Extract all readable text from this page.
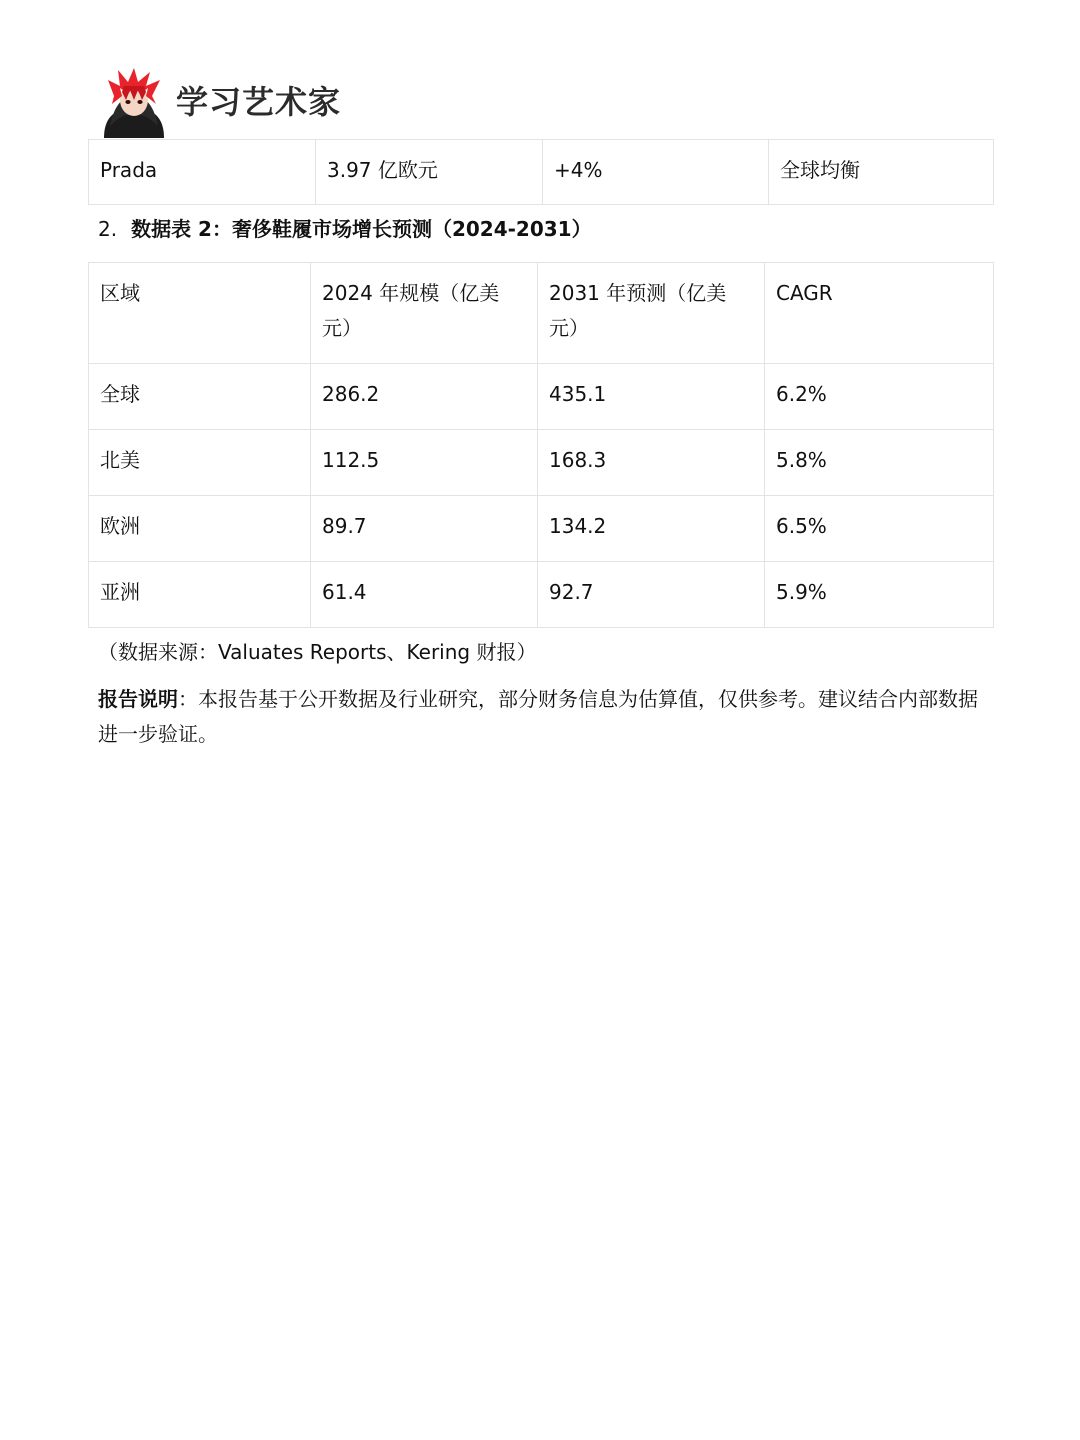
学习艺术家
Prada	3.97 亿欧元	+4%	全球均衡
2. 数据表 2：奢侈鞋履市场增长预测（2024-2031）
区域	2024 年规模（亿美元）	2031 年预测（亿美元）	CAGR
全球	286.2	435.1	6.2%
北美	112.5	168.3	5.8%
欧洲	89.7	134.2	6.5%
亚洲	61.4	92.7	5.9%
（数据来源：Valuates Reports、Kering 财报）
报告说明：本报告基于公开数据及行业研究，部分财务信息为估算值，仅供参考。建议结合内部数据进一步验证。
